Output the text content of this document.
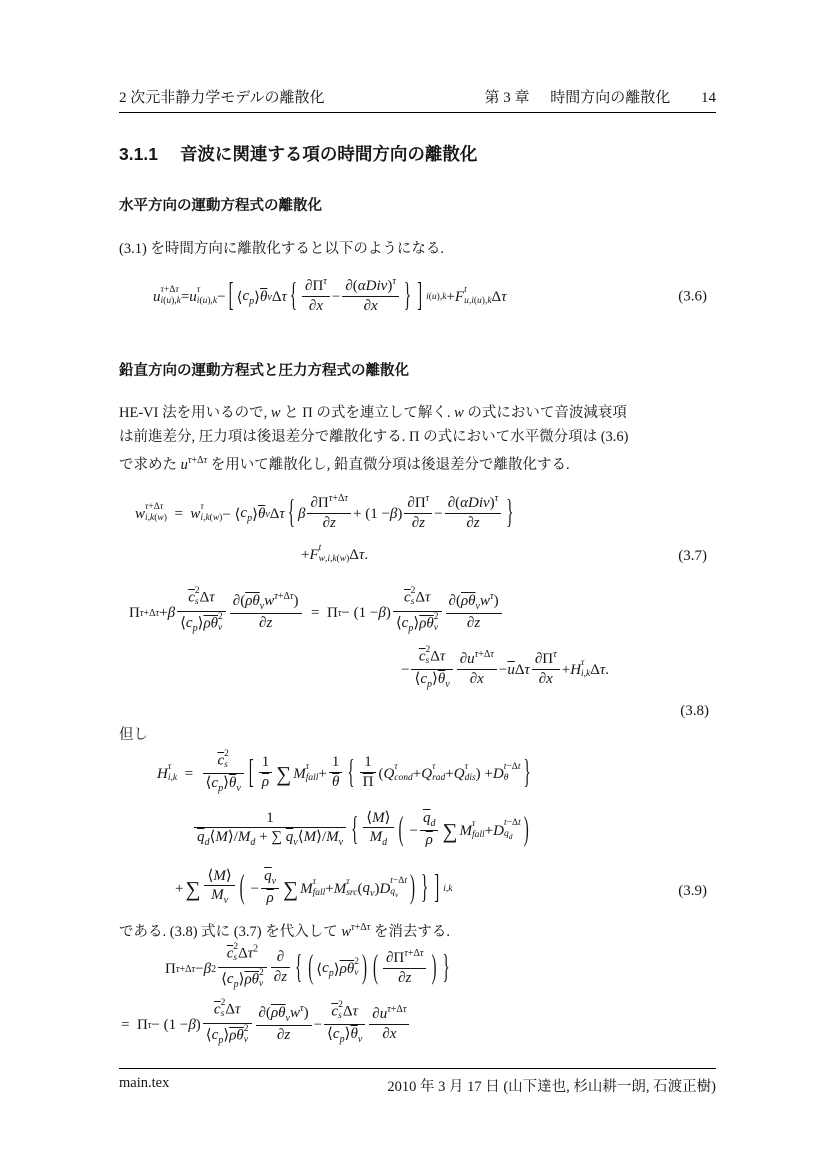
2 次元非静力学モデルの離散化	第 3 章 時間方向の離散化 14
3.1.1 音波に関連する項の時間方向の離散化
水平方向の運動方程式の離散化
(3.1) を時間方向に離散化すると以下のようになる.
u τ+Δτ
i(u),k = u τ
i(u),k − [ ⟨ $c_p$ ⟩ $\overline{\theta}$ v Δ τ { $\partial\Pi^\tau$
∂x
−
$\partial(\alpha Div)^\tau$
∂x	} ] i(u),k + F t
u,i(u),k Δ τ	(3.6)
鉛直方向の運動方程式と圧力方程式の離散化
HE-VI 法を用いるので, w と Π の式を連立して解く. w の式において音波減衰項
は前進差分, 圧力項は後退差分で離散化する. Π の式において水平微分項は (3.6)
で求めた $u^{\tau+\Delta\tau}$ を用いて離散化し, 鉛直微分項は後退差分で離散化する.
w τ+Δτ
i,k(w)  =  w τ
i,k(w) − ⟨ $c_p$ ⟩ $\overline{\theta}$ v Δ τ { β
$\partial\Pi^{\tau+\Delta\tau}$
∂z
+ (1 − β )
$\partial\Pi^\tau$
∂z
−
$\partial(\alpha Div)^\tau$
∂z	}
+ F t
w,i,k(w) Δ τ .	(3.7)
Π τ+Δτ + β
$\overline{c}$ 2
s Δτ
$⟨c_p⟩\overline{\rho}\overline{\theta}$ 2
v
$\partial(\overline{\rho}\overline{\theta}_vw^{\tau+\Delta\tau})$
∂z
 = Π τ − (1 − β )
$\overline{c}$ 2
s Δτ
$⟨c_p⟩\overline{\rho}\overline{\theta}$ 2
v
$\partial(\overline{\rho}\overline{\theta}_vw^\tau)$
∂z
−
$\overline{c}$ 2
s Δτ
$⟨c_p⟩\overline{\theta}_v$
$\partial u^{\tau+\Delta\tau}$
∂x
− $\overline{u}$ Δ τ
$\partial\Pi^\tau$
∂x
+ H τ
i,k Δ τ .
(3.8)
但し
H τ
i,k  = 
$\overline{c}$ 2
s
$⟨c_p⟩\overline{\theta}_v$ [ 1
$\overline{\rho}$ ∑ M τ
fall +
1
$\overline{\theta}$ { 1
$\overline{\Pi}$ ( Q τ
cond + Q τ
rad + Q τ
dis ) + D t−Δt
θ	}
1
$\overline{q}_d⟨M⟩/M_d$ + ∑ $\overline{q}_v⟨M⟩/M_v$ { ⟨M⟩
$M_d$ (  −
$\overline{q}_d$
$\overline{\rho}$ ∑ M τ
fall + D t−Δt
$q_d$ )
+ ∑
⟨M⟩
$M_v$ (  −
$\overline{q}_v$
$\overline{\rho}$ ∑ M τ
fall + M τ
src ( $q_v$ ) D t−Δt
$q_v$ ) } ] i,k	(3.9)
である. (3.8) 式に (3.7) を代入して $w^{\tau+\Delta\tau}$ を消去する.
Π τ+Δτ − β 2
$\overline{c}$ 2
s $\Delta\tau^2$
$⟨c_p⟩\overline{\rho}\overline{\theta}$ 2
v
∂
∂z { ( ⟨ $c_p$ ⟩ $\overline{\rho}$ $\overline{\theta}$ 2
v ) ( $\partial\Pi^{\tau+\Delta\tau}$
∂z	) }
= Π τ − (1 − β )
$\overline{c}$ 2
s Δτ
$⟨c_p⟩\overline{\rho}\overline{\theta}$ 2
v
$\partial(\overline{\rho}\overline{\theta}_vw^\tau)$
∂z
−
$\overline{c}$ 2
s Δτ
$⟨c_p⟩\overline{\theta}_v$
$\partial u^{\tau+\Delta\tau}$
∂x
main.tex	2010 年 3 月 17 日 (山下達也, 杉山耕一朗, 石渡正樹)
